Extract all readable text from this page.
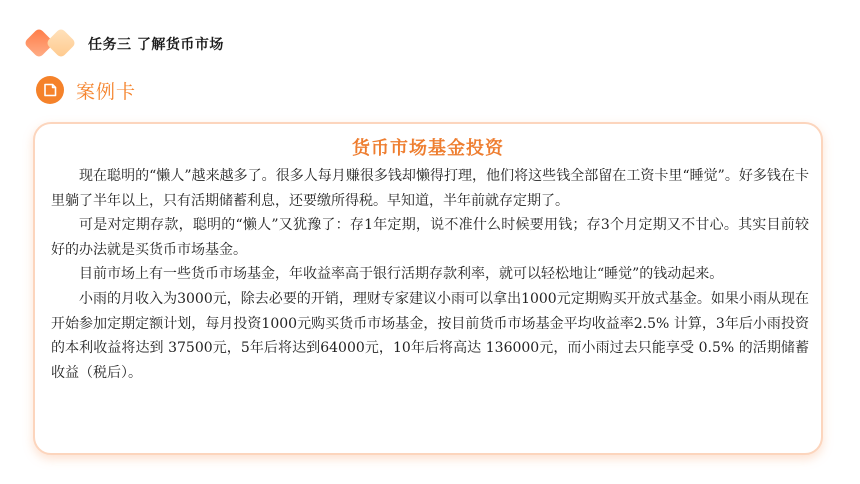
任务三 了解货币市场
案例卡
货币市场基金投资

现在聪明的“懒人”越来越多了。很多人每月赚很多钱却懒得打理，他们将这些钱全部留在工资卡里“睡觉”。好多钱在卡里躺了半年以上，只有活期储蓄利息，还要缴所得税。早知道，半年前就存定期了。

可是对定期存款，聪明的“懒人”又犹豫了：存1年定期，说不准什么时候要用钱；存3个月定期又不甘心。其实目前较好的办法就是买货币市场基金。

目前市场上有一些货币市场基金，年收益率高于银行活期存款利率，就可以轻松地让“睡觉”的钱动起来。

小雨的月收入为3000元，除去必要的开销，理财专家建议小雨可以拿出1000元定期购买开放式基金。如果小雨从现在开始参加定期定额计划，每月投资1000元购买货币市场基金，按目前货币市场基金平均收益率2.5% 计算，3年后小雨投资的本利收益将达到 37500元，5年后将达到64000元，10年后将高达 136000元，而小雨过去只能享受 0.5% 的活期储蓄收益（税后）。
